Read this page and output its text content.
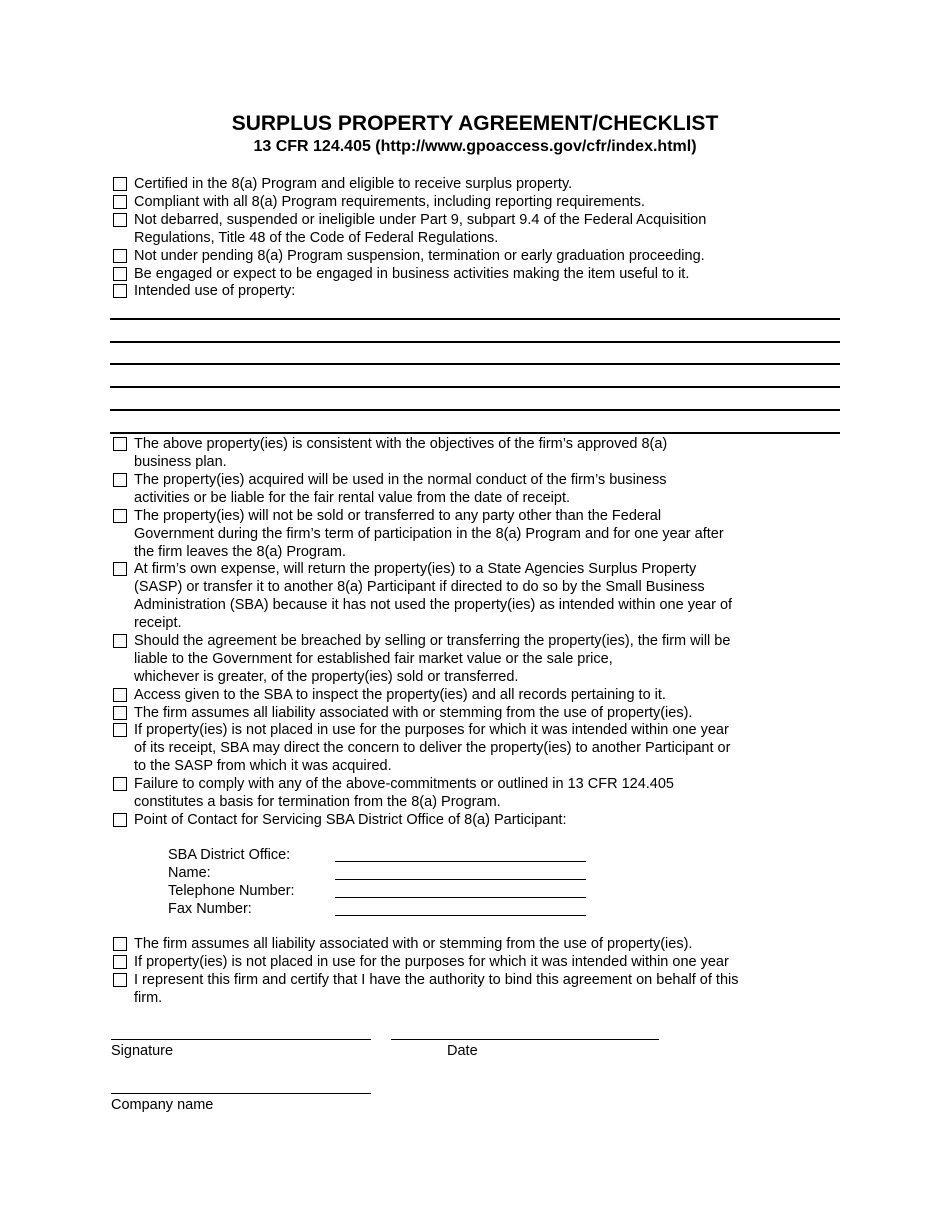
SURPLUS PROPERTY AGREEMENT/CHECKLIST
13 CFR 124.405 (http://www.gpoaccess.gov/cfr/index.html)
Certified in the 8(a) Program and eligible to receive surplus property.
Compliant with all 8(a) Program requirements, including reporting requirements.
Not debarred, suspended or ineligible under Part 9, subpart 9.4 of the Federal Acquisition
Regulations, Title 48 of the Code of Federal Regulations.
Not under pending 8(a) Program suspension, termination or early graduation proceeding.
Be engaged or expect to be engaged in business activities making the item useful to it.
Intended use of property:
The above property(ies) is consistent with the objectives of the firm’s approved 8(a)
business plan.
The property(ies) acquired will be used in the normal conduct of the firm’s business
activities or be liable for the fair rental value from the date of receipt.
The property(ies) will not be sold or transferred to any party other than the Federal
Government during the firm’s term of participation in the 8(a) Program and for one year after
the firm leaves the 8(a) Program.
At firm’s own expense, will return the property(ies) to a State Agencies Surplus Property
(SASP) or transfer it to another 8(a) Participant if directed to do so by the Small Business
Administration (SBA) because it has not used the property(ies) as intended within one year of
receipt.
Should the agreement be breached by selling or transferring the property(ies), the firm will be
liable to the Government for established fair market value or the sale price,
whichever is greater, of the property(ies) sold or transferred.
Access given to the SBA to inspect the property(ies) and all records pertaining to it.
The firm assumes all liability associated with or stemming from the use of property(ies).
If property(ies) is not placed in use for the purposes for which it was intended within one year
of its receipt, SBA may direct the concern to deliver the property(ies) to another Participant or
to the SASP from which it was acquired.
Failure to comply with any of the above-commitments or outlined in 13 CFR 124.405
constitutes a basis for termination from the 8(a) Program.
Point of Contact for Servicing SBA District Office of 8(a) Participant:
SBA District Office:
Name:
Telephone Number:
Fax Number:
The firm assumes all liability associated with or stemming from the use of property(ies).
If property(ies) is not placed in use for the purposes for which it was intended within one year
I represent this firm and certify that I have the authority to bind this agreement on behalf of this
firm.
Signature	Date
Company name
